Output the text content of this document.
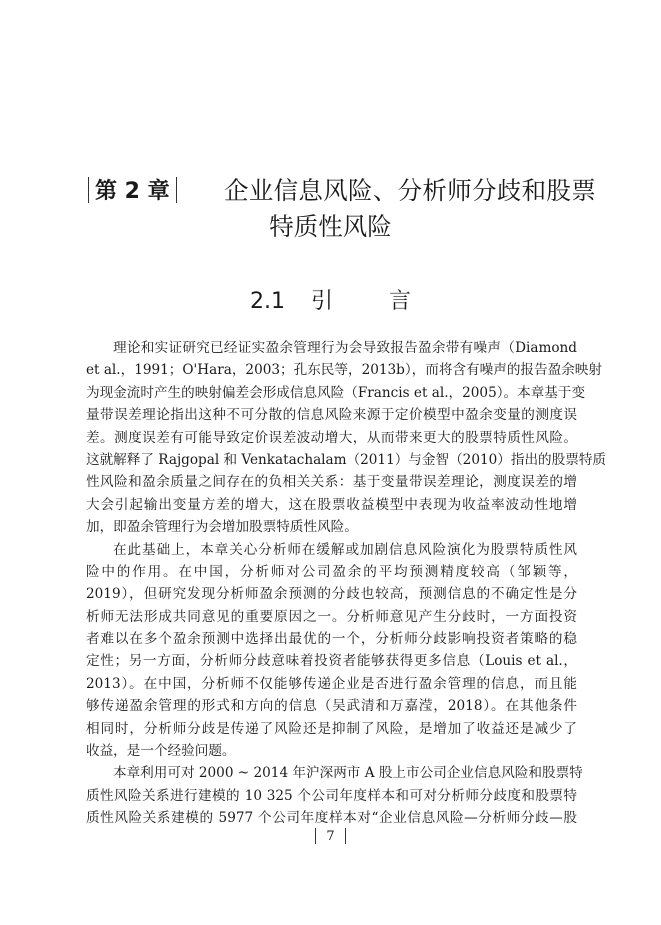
第 2 章 企业信息风险、分析师分歧和股票
特质性风险
2.1 引	言
理论和实证研究已经证实盈余管理行为会导致报告盈余带有噪声（Diamond
et al.，1991；O'Hara，2003；孔东民等，2013b），而将含有噪声的报告盈余映射
为现金流时产生的映射偏差会形成信息风险（Francis et al.，2005）。本章基于变
量带误差理论指出这种不可分散的信息风险来源于定价模型中盈余变量的测度误
差。测度误差有可能导致定价误差波动增大，从而带来更大的股票特质性风险。
这就解释了 Rajgopal 和 Venkatachalam（2011）与金智（2010）指出的股票特质
性风险和盈余质量之间存在的负相关关系：基于变量带误差理论，测度误差的增
大会引起输出变量方差的增大，这在股票收益模型中表现为收益率波动性地增
加，即盈余管理行为会增加股票特质性风险。
在此基础上，本章关心分析师在缓解或加剧信息风险演化为股票特质性风
险中的作用。在中国，分析师对公司盈余的平均预测精度较高（邹颖等，
2019），但研究发现分析师盈余预测的分歧也较高，预测信息的不确定性是分
析师无法形成共同意见的重要原因之一。分析师意见产生分歧时，一方面投资
者难以在多个盈余预测中选择出最优的一个，分析师分歧影响投资者策略的稳
定性；另一方面，分析师分歧意味着投资者能够获得更多信息（Louis et al.，
2013）。在中国，分析师不仅能够传递企业是否进行盈余管理的信息，而且能
够传递盈余管理的形式和方向的信息（吴武清和万嘉滢，2018）。在其他条件
相同时，分析师分歧是传递了风险还是抑制了风险，是增加了收益还是减少了
收益，是一个经验问题。
本章利用可对 2000 ~ 2014 年沪深两市 A 股上市公司企业信息风险和股票特
质性风险关系进行建模的 10 325 个公司年度样本和可对分析师分歧度和股票特
质性风险关系建模的 5977 个公司年度样本对“企业信息风险—分析师分歧—股
7
